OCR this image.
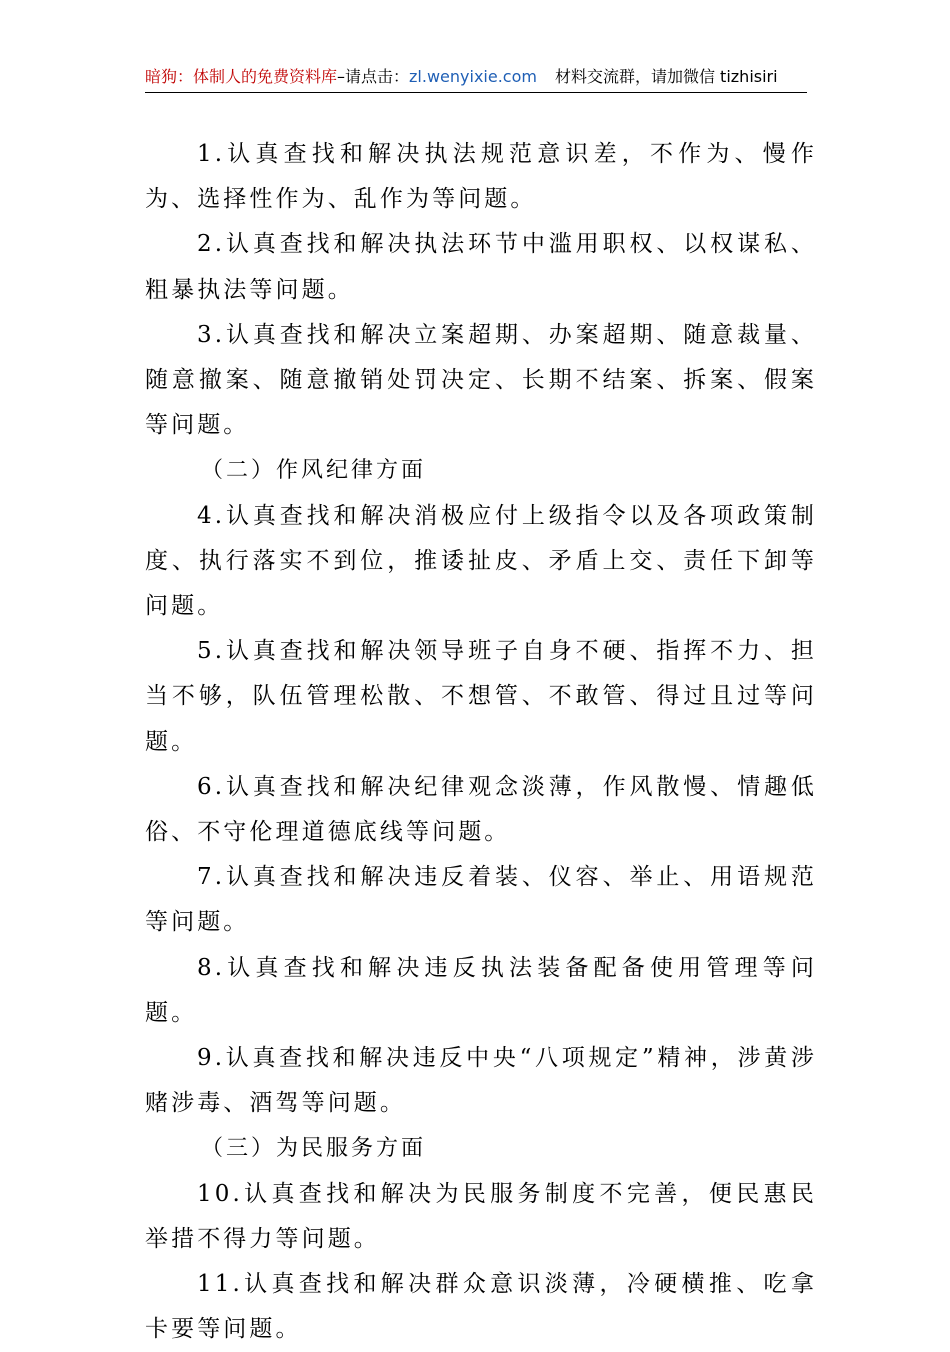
暗狗：体制人的免费资料库–请点击：zl.wenyixie.com 材料交流群，请加微信 tizhisiri

1.认真查找和解决执法规范意识差，不作为、慢作为、选择性作为、乱作为等问题。

2.认真查找和解决执法环节中滥用职权、以权谋私、粗暴执法等问题。

3.认真查找和解决立案超期、办案超期、随意裁量、随意撤案、随意撤销处罚决定、长期不结案、拆案、假案等问题。

（二）作风纪律方面

4.认真查找和解决消极应付上级指令以及各项政策制度、执行落实不到位，推诿扯皮、矛盾上交、责任下卸等问题。

5.认真查找和解决领导班子自身不硬、指挥不力、担当不够，队伍管理松散、不想管、不敢管、得过且过等问题。

6.认真查找和解决纪律观念淡薄，作风散慢、情趣低俗、不守伦理道德底线等问题。

7.认真查找和解决违反着装、仪容、举止、用语规范等问题。

8.认真查找和解决违反执法装备配备使用管理等问题。

9.认真查找和解决违反中央“八项规定”精神，涉黄涉赌涉毒、酒驾等问题。

（三）为民服务方面

10.认真查找和解决为民服务制度不完善，便民惠民举措不得力等问题。

11.认真查找和解决群众意识淡薄，冷硬横推、吃拿卡要等问题。
